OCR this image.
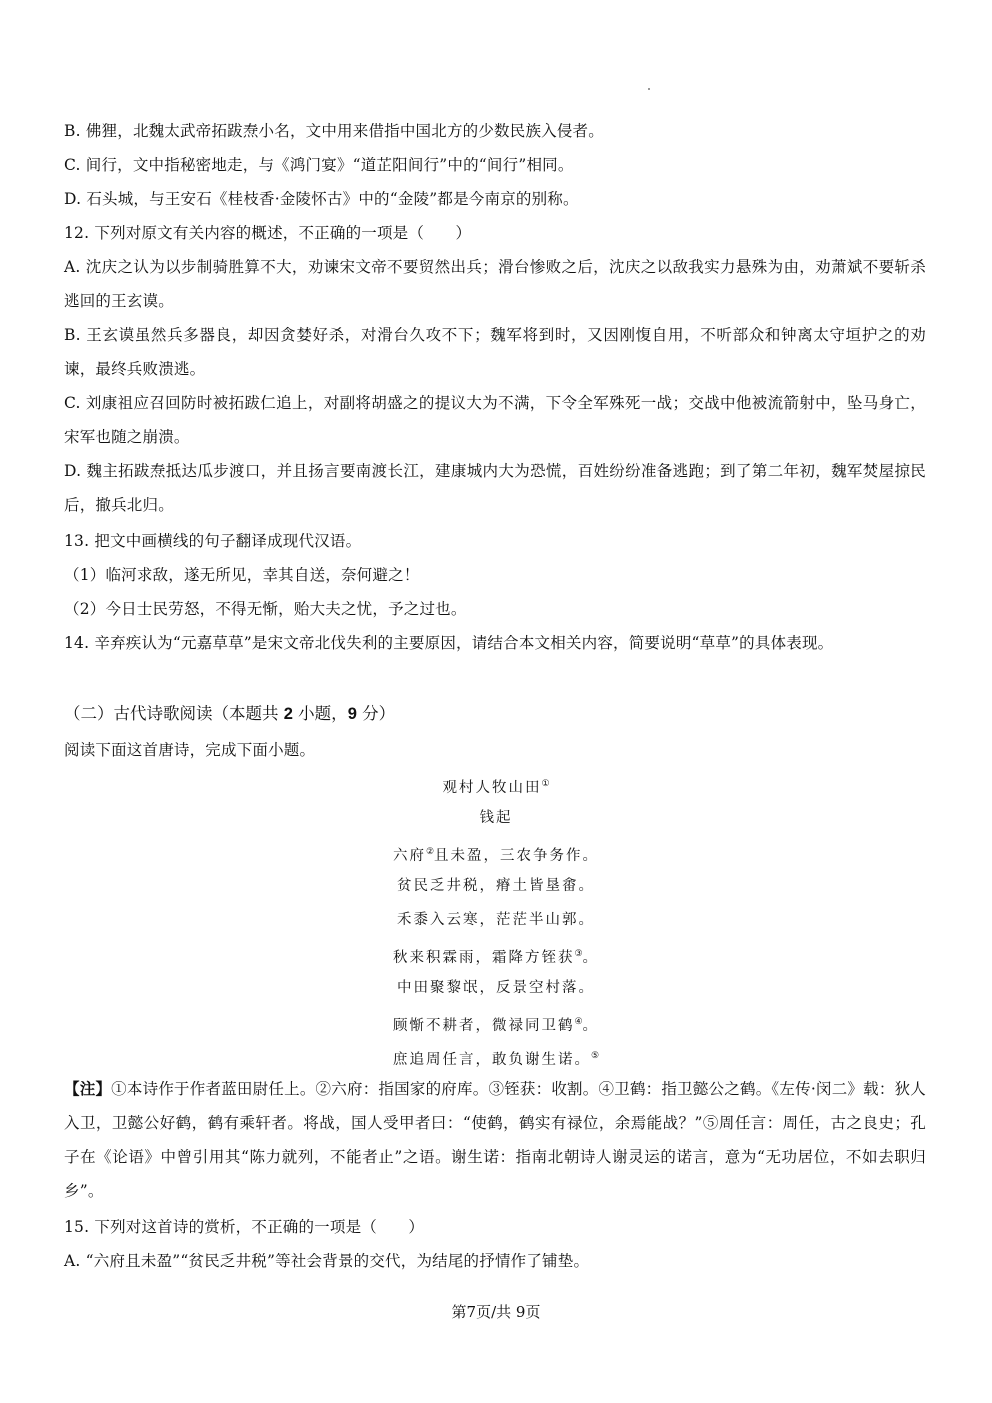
B. 佛狸，北魏太武帝拓跋焘小名，文中用来借指中国北方的少数民族入侵者。
C. 间行，文中指秘密地走，与《鸿门宴》“道芷阳间行”中的“间行”相同。
D. 石头城，与王安石《桂枝香·金陵怀古》中的“金陵”都是今南京的别称。
12. 下列对原文有关内容的概述，不正确的一项是（　　）
A. 沈庆之认为以步制骑胜算不大，劝谏宋文帝不要贸然出兵；滑台惨败之后，沈庆之以敌我实力悬殊为由，劝萧斌不要斩杀逃回的王玄谟。
B. 王玄谟虽然兵多器良，却因贪婪好杀，对滑台久攻不下；魏军将到时，又因刚愎自用，不听部众和钟离太守垣护之的劝谏，最终兵败溃逃。
C. 刘康祖应召回防时被拓跋仁追上，对副将胡盛之的提议大为不满，下令全军殊死一战；交战中他被流箭射中，坠马身亡，宋军也随之崩溃。
D. 魏主拓跋焘抵达瓜步渡口，并且扬言要南渡长江，建康城内大为恐慌，百姓纷纷准备逃跑；到了第二年初，魏军焚屋掠民后，撤兵北归。
13. 把文中画横线的句子翻译成现代汉语。
（1）临河求敌，遂无所见，幸其自送，奈何避之！
（2）今日士民劳怒，不得无惭，贻大夫之忧，予之过也。
14. 辛弃疾认为“元嘉草草”是宋文帝北伐失利的主要原因，请结合本文相关内容，简要说明“草草”的具体表现。
（二）古代诗歌阅读（本题共 2 小题，9 分）
阅读下面这首唐诗，完成下面小题。
观村人牧山田①
钱起
六府②且未盈，三农争务作。
贫民乏井税，瘠土皆垦畬。
禾黍入云寒，茫茫半山郭。
秋来积霖雨，霜降方铚获③。
中田聚黎氓，反景空村落。
顾惭不耕者，微禄同卫鹤④。
庶追周任言，敢负谢生诺。⑤
【注】①本诗作于作者蓝田尉任上。②六府：指国家的府库。③铚获：收割。④卫鹤：指卫懿公之鹤。《左传·闵二》载：狄人入卫，卫懿公好鹤，鹤有乘轩者。将战，国人受甲者曰：“使鹤，鹤实有禄位，余焉能战？”⑤周任言：周任，古之良史；孔子在《论语》中曾引用其“陈力就列，不能者止”之语。谢生诺：指南北朝诗人谢灵运的诺言，意为“无功居位，不如去职归乡”。
15. 下列对这首诗的赏析，不正确的一项是（　　）
A. “六府且未盈”“贫民乏井税”等社会背景的交代，为结尾的抒情作了铺垫。
第7页/共 9页
